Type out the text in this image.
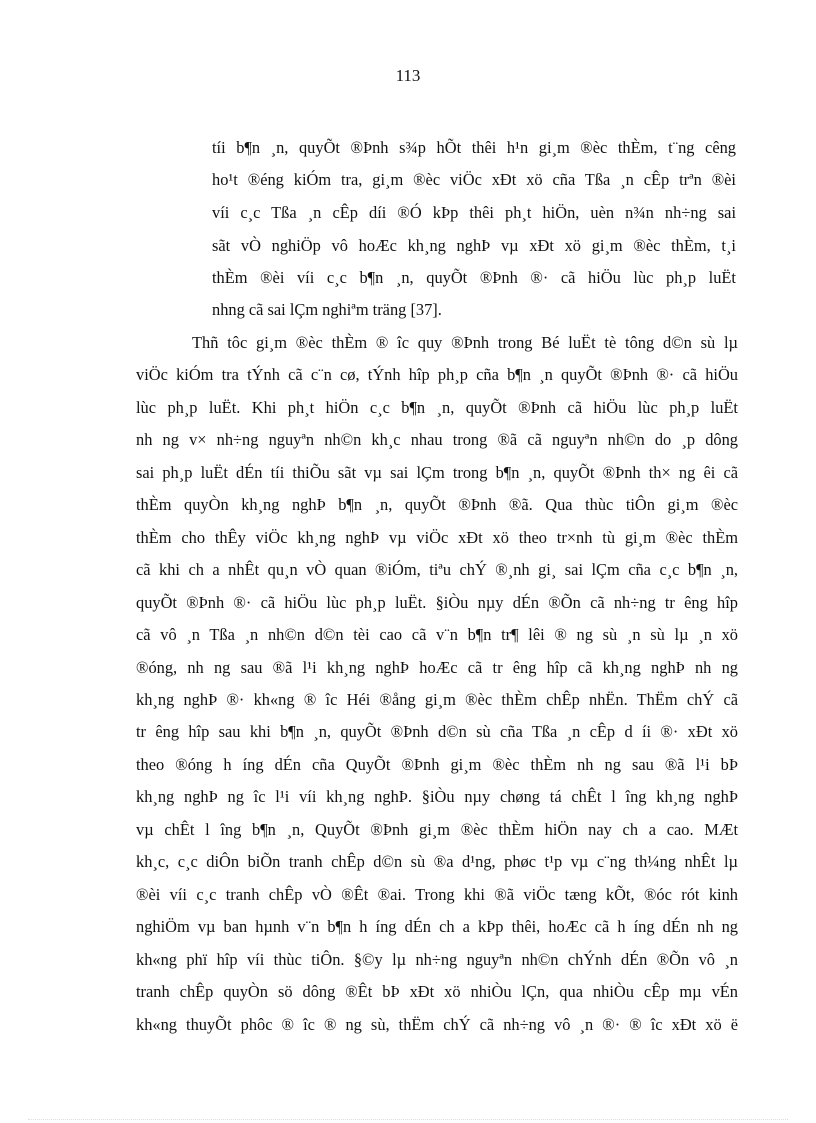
113
tíi b¶n ¸n, quyÕt ®Þnh s¾p hÕt thêi h¹n gi¸m ®èc thÈm, t¨ng cêng
ho¹t ®éng kiÓm tra, gi¸m ®èc viÖc xÐt xö cña Tßa ¸n cÊp trªn ®èi
víi c¸c Tßa ¸n cÊp díi ®Ó kÞp thêi ph¸t hiÖn, uèn n¾n nh÷ng sai
sãt vÒ nghiÖp vô hoÆc kh¸ng nghÞ vµ xÐt xö gi¸m ®èc thÈm, t¸i
thÈm ®èi víi c¸c b¶n ¸n, quyÕt ®Þnh ®· cã hiÖu lùc ph¸p luËt
nhng cã sai lÇm nghiªm träng [37].
Thñ tôc gi¸m ®èc thÈm ® îc quy ®Þnh trong Bé luËt tè tông d©n sù lµ
viÖc kiÓm tra tÝnh cã c¨n cø, tÝnh hîp ph¸p cña b¶n ¸n quyÕt ®Þnh ®· cã hiÖu
lùc ph¸p luËt. Khi ph¸t hiÖn c¸c b¶n ¸n, quyÕt ®Þnh cã hiÖu lùc ph¸p luËt
nh ng v× nh÷ng nguyªn nh©n kh¸c nhau trong ®ã cã nguyªn nh©n do ¸p dông
sai ph¸p luËt dÉn tíi thiÕu sãt vµ sai lÇm trong b¶n ¸n, quyÕt ®Þnh th× ng êi cã
thÈm quyÒn kh¸ng nghÞ b¶n ¸n, quyÕt ®Þnh ®ã. Qua thùc tiÔn gi¸m ®èc
thÈm cho thÊy viÖc kh¸ng nghÞ vµ viÖc xÐt xö theo tr×nh tù gi¸m ®èc thÈm
cã khi ch a nhÊt qu¸n vÒ quan ®iÓm, tiªu chÝ ®¸nh gi¸ sai lÇm cña c¸c b¶n ¸n,
quyÕt ®Þnh ®· cã hiÖu lùc ph¸p luËt. §iÒu nµy dÉn ®Õn cã nh÷ng tr êng hîp
cã vô ¸n Tßa ¸n nh©n d©n tèi cao cã v¨n b¶n tr¶ lêi ® ng sù ¸n sù lµ ¸n xö
®óng, nh ng sau ®ã l¹i kh¸ng nghÞ hoÆc cã tr êng hîp cã kh¸ng nghÞ nh ng
kh¸ng nghÞ ®· kh«ng ® îc Héi ®ång gi¸m ®èc thÈm chÊp nhËn. ThËm chÝ cã
tr êng hîp sau khi b¶n ¸n, quyÕt ®Þnh d©n sù cña Tßa ¸n cÊp d íi ®· xÐt xö
theo ®óng h íng dÉn cña QuyÕt ®Þnh gi¸m ®èc thÈm nh ng sau ®ã l¹i bÞ
kh¸ng nghÞ ng îc l¹i víi kh¸ng nghÞ. §iÒu nµy chøng tá chÊt l îng kh¸ng nghÞ
vµ chÊt l îng b¶n ¸n, QuyÕt ®Þnh gi¸m ®èc thÈm hiÖn nay ch a cao. MÆt
kh¸c, c¸c diÔn biÕn tranh chÊp d©n sù ®a d¹ng, phøc t¹p vµ c¨ng th¼ng nhÊt lµ
®èi víi c¸c tranh chÊp vÒ ®Êt ®ai. Trong khi ®ã viÖc tæng kÕt, ®óc rót kinh
nghiÖm vµ ban hµnh v¨n b¶n h íng dÉn ch a kÞp thêi, hoÆc cã h íng dÉn nh ng
kh«ng phï hîp víi thùc tiÔn. §©y lµ nh÷ng nguyªn nh©n chÝnh dÉn ®Õn vô ¸n
tranh chÊp quyÒn sö dông ®Êt bÞ xÐt xö nhiÒu lÇn, qua nhiÒu cÊp mµ vÉn
kh«ng thuyÕt phôc ® îc ® ng sù, thËm chÝ cã nh÷ng vô ¸n ®· ® îc xÐt xö ë
